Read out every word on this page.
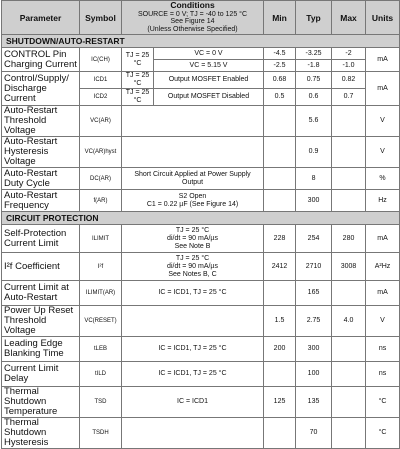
Parameter	Symbol	Conditions
SOURCE = 0 V; TJ = -40 to 125 °C
See Figure 14
(Unless Otherwise Specified)		Min	Typ	Max	Units
SHUTDOWN/AUTO-RESTART							
CONTROL Pin Charging Current	IC(CH)	TJ = 25 °C	VC = 0 V	-4.5	-3.25	-2	mA
			VC = 5.15 V	-2.5	-1.8	-1.0	
Control/Supply/ Discharge Current	ICD1	TJ = 25 °C	Output MOSFET Enabled	0.68	0.75	0.82	mA
	ICD2	TJ = 25 °C	Output MOSFET Disabled	0.5	0.6	0.7	
Auto-Restart Threshold Voltage	VC(AR)				5.6		V
Auto-Restart Hysteresis Voltage	VC(AR)hyst				0.9		V
Auto-Restart Duty Cycle	DC(AR)	Short Circuit Applied at Power Supply Output			8		%
Auto-Restart Frequency	f(AR)	S2 Open
C1 = 0.22 µF (See Figure 14)			300		Hz
CIRCUIT PROTECTION							
Self-Protection Current Limit	ILIMIT	TJ = 25 °C
di/dt = 90 mA/µs
See Note B		228	254	280	mA
I²f Coefficient	I²f	TJ = 25 °C
di/dt = 90 mA/µs
See Notes B, C		2412	2710	3008	A²Hz
Current Limit at Auto-Restart	ILIMIT(AR)	IC = ICD1, TJ = 25 °C			165		mA
Power Up Reset Threshold Voltage	VC(RESET)			1.5	2.75	4.0	V
Leading Edge Blanking Time	tLEB	IC = ICD1, TJ = 25 °C		200	300		ns
Current Limit Delay	tILD	IC = ICD1, TJ = 25 °C			100		ns
Thermal Shutdown Temperature	TSD	IC = ICD1		125	135		°C
Thermal Shutdown Hysteresis	TSDH				70		°C
